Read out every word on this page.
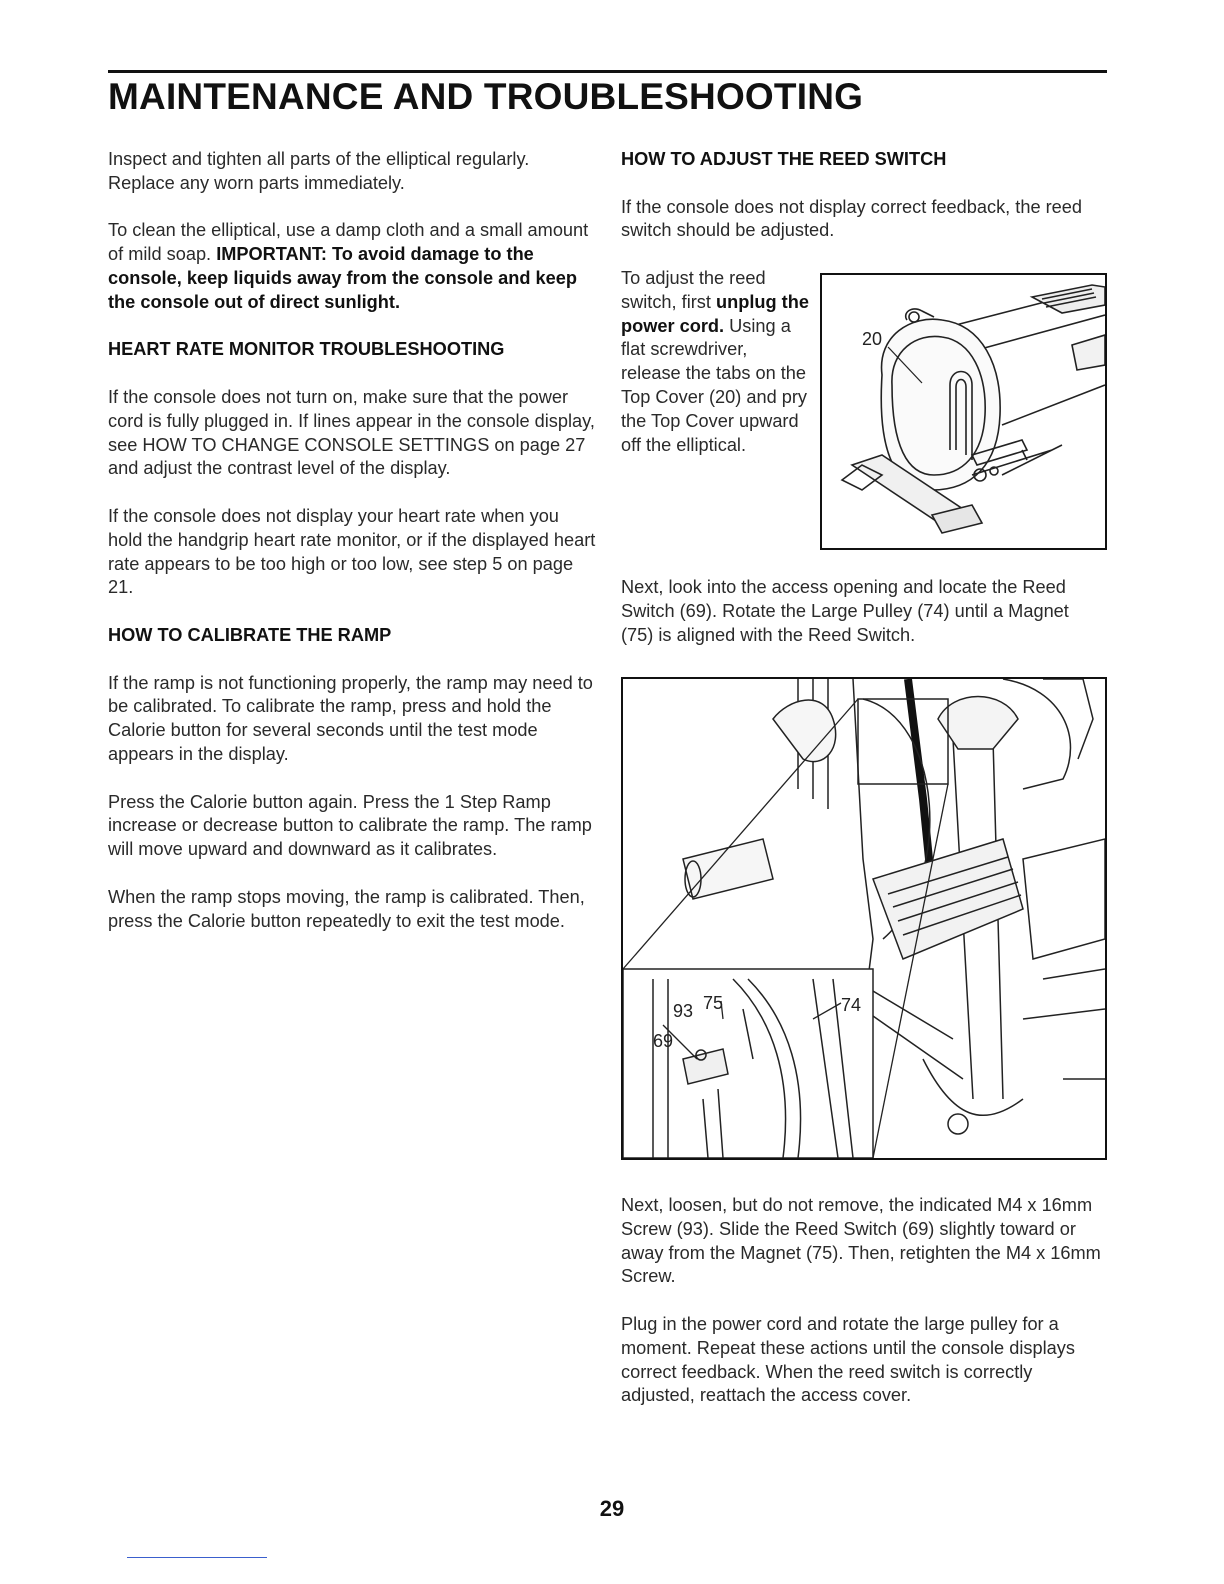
MAINTENANCE AND TROUBLESHOOTING

Inspect and tighten all parts of the elliptical regularly. Replace any worn parts immediately.

To clean the elliptical, use a damp cloth and a small amount of mild soap. IMPORTANT: To avoid damage to the console, keep liquids away from the console and keep the console out of direct sunlight.

HEART RATE MONITOR TROUBLESHOOTING

If the console does not turn on, make sure that the power cord is fully plugged in. If lines appear in the console display, see HOW TO CHANGE CONSOLE SETTINGS on page 27 and adjust the contrast level of the display.

If the console does not display your heart rate when you hold the handgrip heart rate monitor, or if the displayed heart rate appears to be too high or too low, see step 5 on page 21.

HOW TO CALIBRATE THE RAMP

If the ramp is not functioning properly, the ramp may need to be calibrated. To calibrate the ramp, press and hold the Calorie button for several seconds until the test mode appears in the display.

Press the Calorie button again. Press the 1 Step Ramp increase or decrease button to calibrate the ramp. The ramp will move upward and downward as it calibrates.

When the ramp stops moving, the ramp is calibrated. Then, press the Calorie button repeatedly to exit the test mode.

HOW TO ADJUST THE REED SWITCH

If the console does not display correct feedback, the reed switch should be adjusted.

To adjust the reed switch, first unplug the power cord. Using a flat screwdriver, release the tabs on the Top Cover (20) and pry the Top Cover upward off the elliptical.
20
Next, look into the access opening and locate the Reed Switch (69). Rotate the Large Pulley (74) until a Magnet (75) is aligned with the Reed Switch.
93 75	74
69

Next, loosen, but do not remove, the indicated M4 x 16mm Screw (93). Slide the Reed Switch (69) slightly toward or away from the Magnet (75). Then, retighten the M4 x 16mm Screw.

Plug in the power cord and rotate the large pulley for a moment. Repeat these actions until the console displays correct feedback. When the reed switch is correctly adjusted, reattach the access cover.

29
